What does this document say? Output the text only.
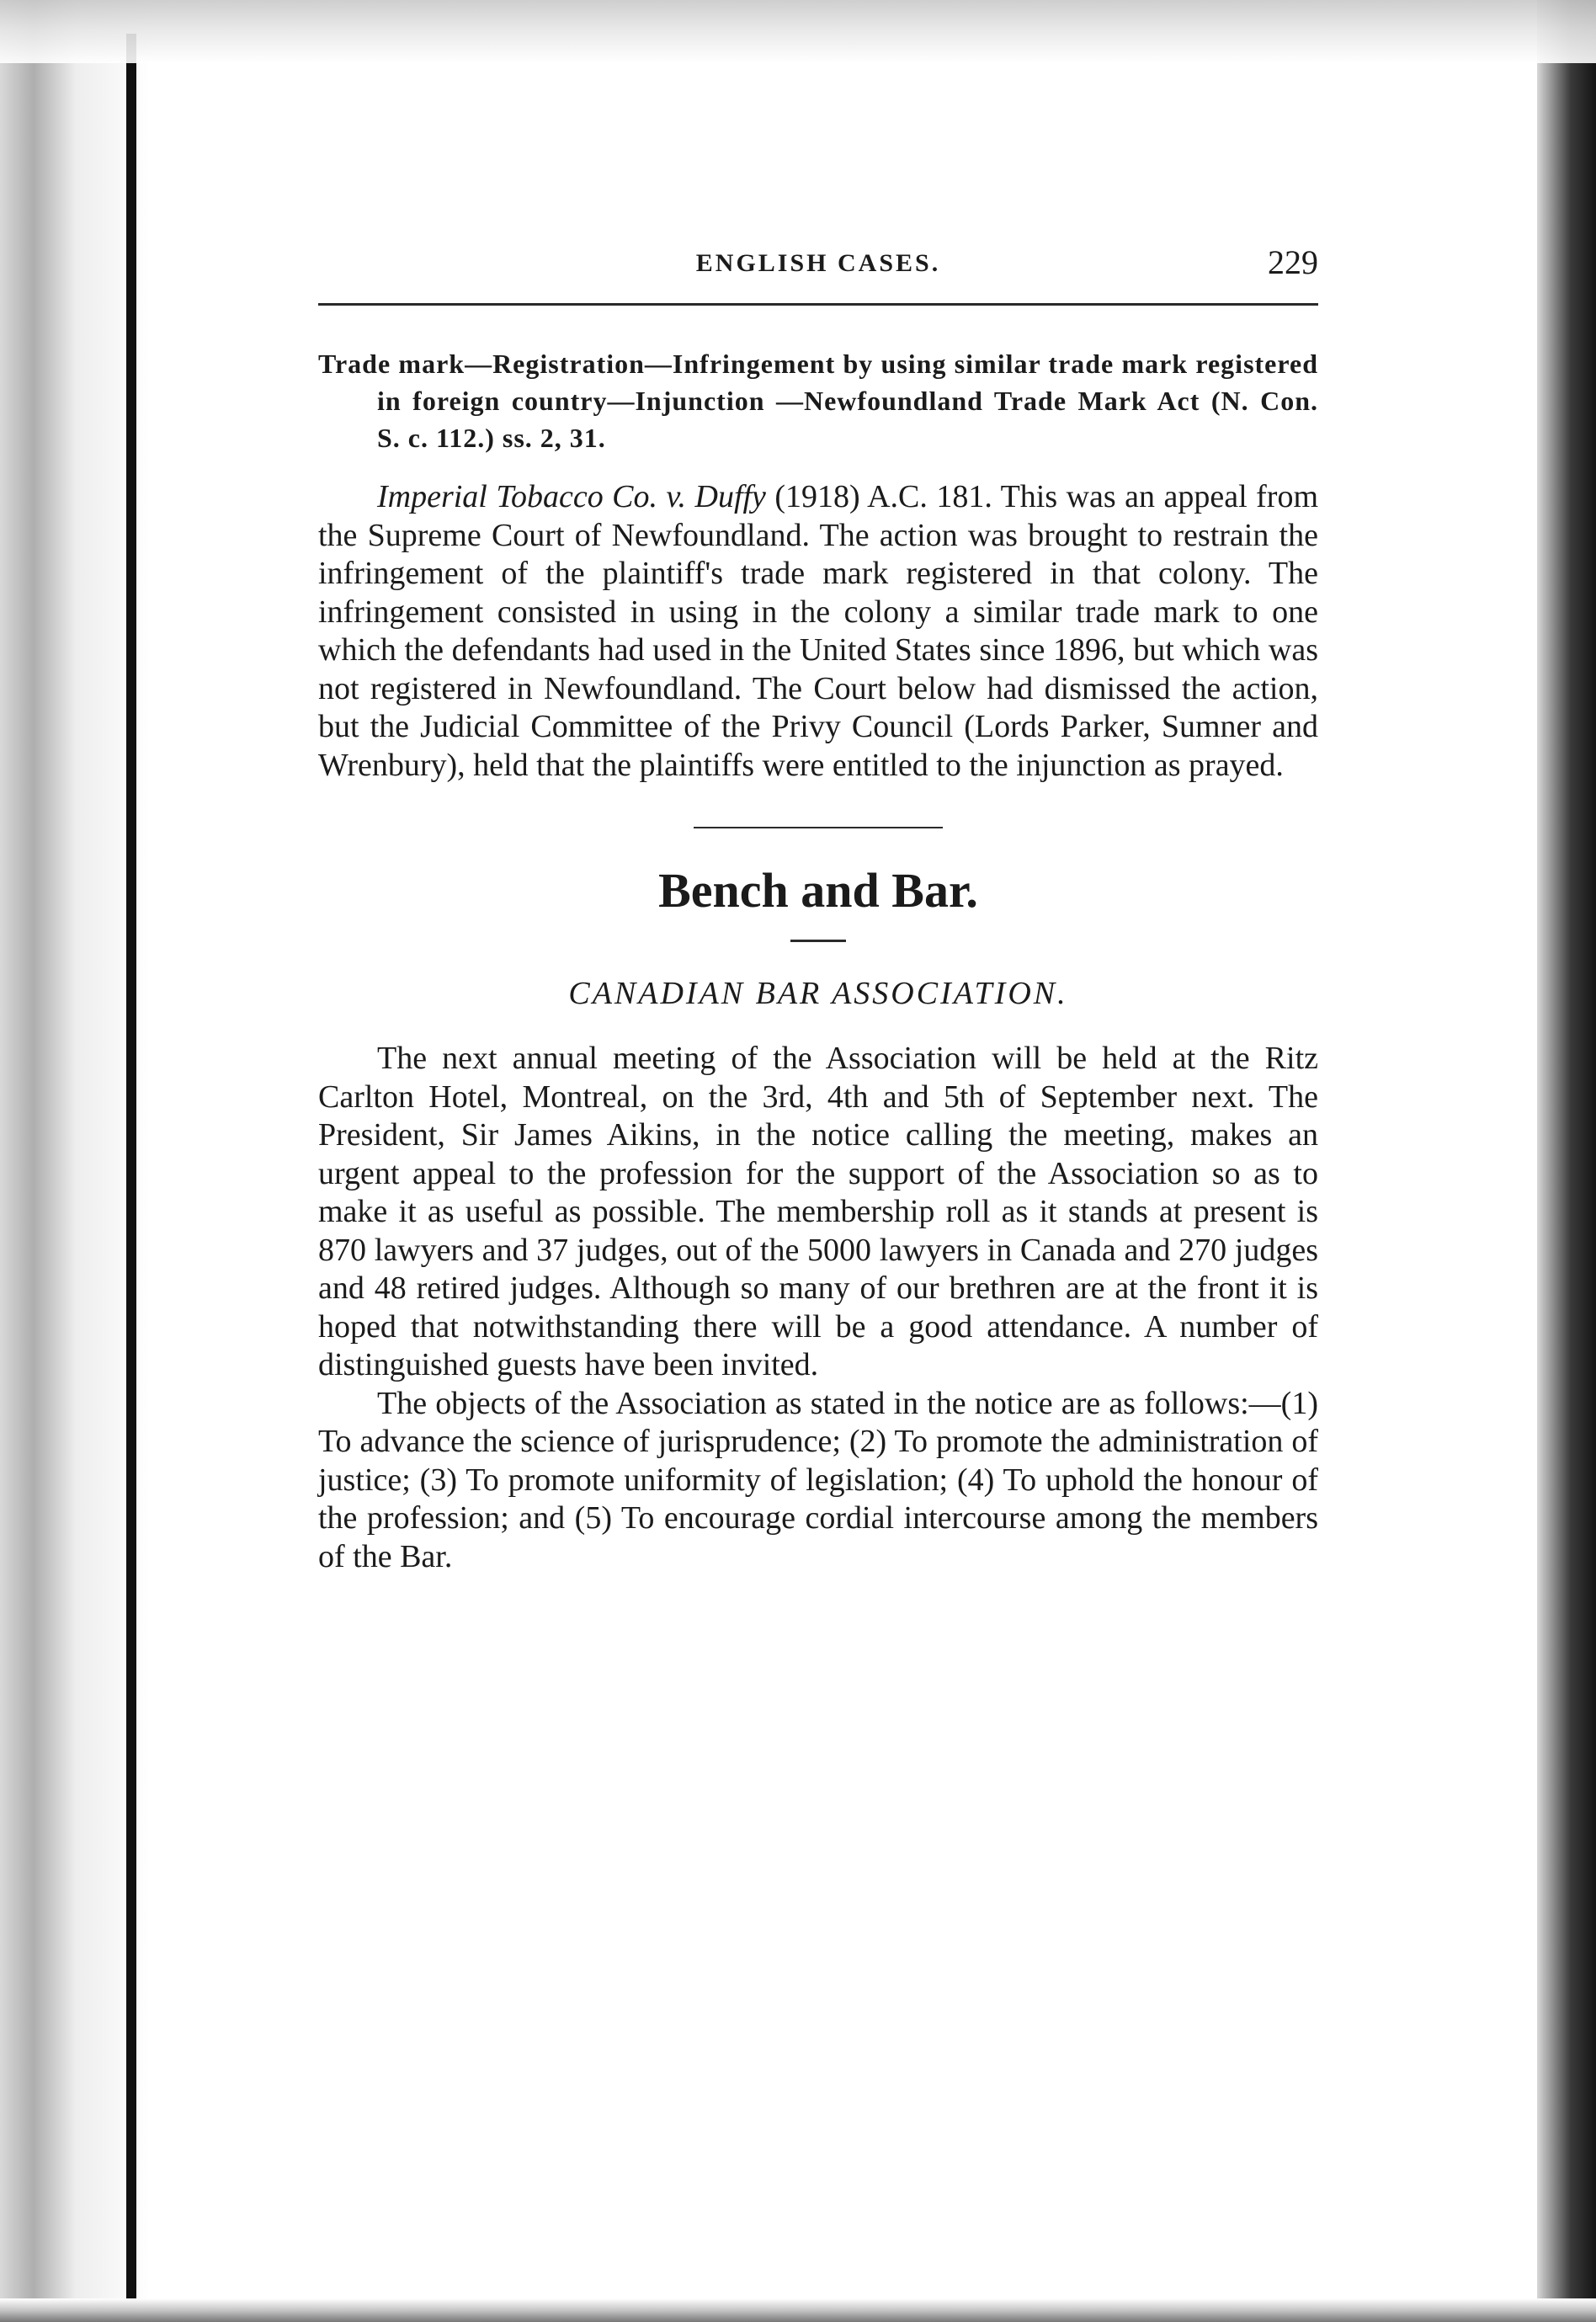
ENGLISH CASES.	229

Trade mark—Registration—Infringement by using similar trade mark registered in foreign country—Injunction —Newfoundland Trade Mark Act (N. Con. S. c. 112.) ss. 2, 31.

Imperial Tobacco Co. v. Duffy (1918) A.C. 181. This was an appeal from the Supreme Court of Newfoundland. The action was brought to restrain the infringement of the plaintiff's trade mark registered in that colony. The infringement consisted in using in the colony a similar trade mark to one which the defendants had used in the United States since 1896, but which was not registered in Newfoundland. The Court below had dismissed the action, but the Judicial Committee of the Privy Council (Lords Parker, Sumner and Wrenbury), held that the plaintiffs were entitled to the injunction as prayed.

Bench and Bar.
CANADIAN BAR ASSOCIATION.

The next annual meeting of the Association will be held at the Ritz Carlton Hotel, Montreal, on the 3rd, 4th and 5th of September next. The President, Sir James Aikins, in the notice calling the meeting, makes an urgent appeal to the profession for the support of the Association so as to make it as useful as possible. The membership roll as it stands at present is 870 lawyers and 37 judges, out of the 5000 lawyers in Canada and 270 judges and 48 retired judges. Although so many of our brethren are at the front it is hoped that notwithstanding there will be a good attendance. A number of distinguished guests have been invited.

The objects of the Association as stated in the notice are as follows:—(1) To advance the science of jurisprudence; (2) To promote the administration of justice; (3) To promote uniformity of legislation; (4) To uphold the honour of the profession; and (5) To encourage cordial intercourse among the members of the Bar.
